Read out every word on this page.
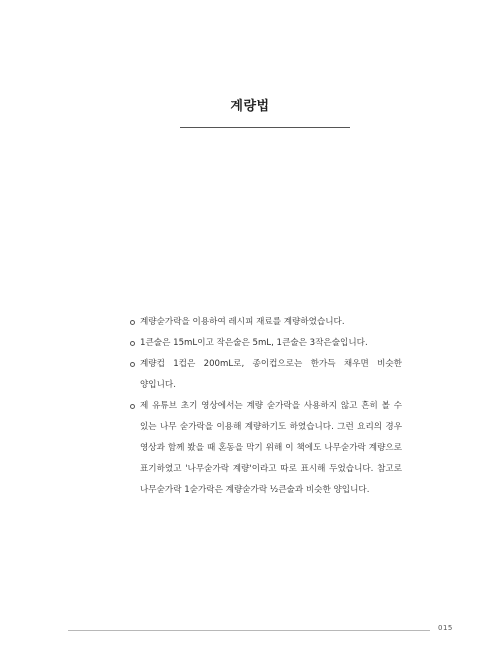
계량법
계량숟가락을 이용하여 레시피 재료를 계량하였습니다.
1큰술은 15mL이고 작은술은 5mL, 1큰술은 3작은술입니다.
계량컵 1컵은 200mL로, 종이컵으로는 한가득 채우면 비슷한 양입니다.
제 유튜브 초기 영상에서는 계량 숟가락을 사용하지 않고 흔히 볼 수 있는 나무 숟가락을 이용해 계량하기도 하였습니다. 그런 요리의 경우 영상과 함께 봤을 때 혼동을 막기 위해 이 책에도 나무숟가락 계량으로 표기하였고 '나무숟가락 계량'이라고 따로 표시해 두었습니다. 참고로 나무숟가락 1숟가락은 계량숟가락 ½큰술과 비슷한 양입니다.
015
